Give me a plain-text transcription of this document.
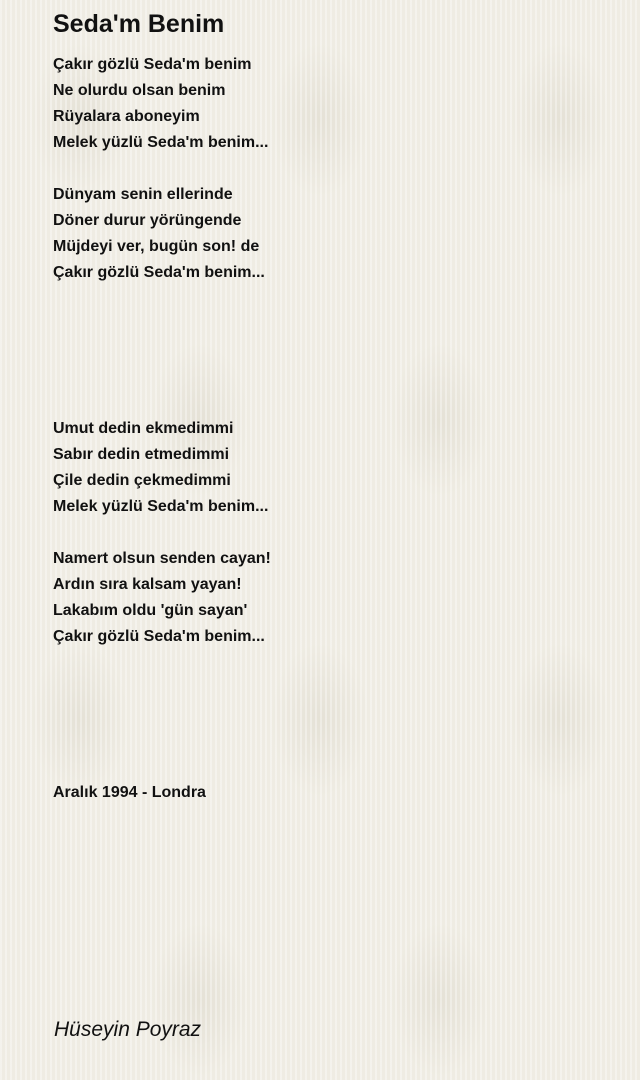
Seda'm Benim
Çakır gözlü Seda'm benim
Ne olurdu olsan benim
Rüyalara aboneyim
Melek yüzlü Seda'm benim...
Dünyam senin ellerinde
Döner durur yörüngende
Müjdeyi ver, bugün son! de
Çakır gözlü Seda'm benim...
Umut dedin ekmedimmi
Sabır dedin etmedimmi
Çile dedin çekmedimmi
Melek yüzlü Seda'm benim...
Namert olsun senden cayan!
Ardın sıra kalsam yayan!
Lakabım oldu 'gün sayan'
Çakır gözlü Seda'm benim...
Aralık 1994 - Londra
Hüseyin Poyraz
